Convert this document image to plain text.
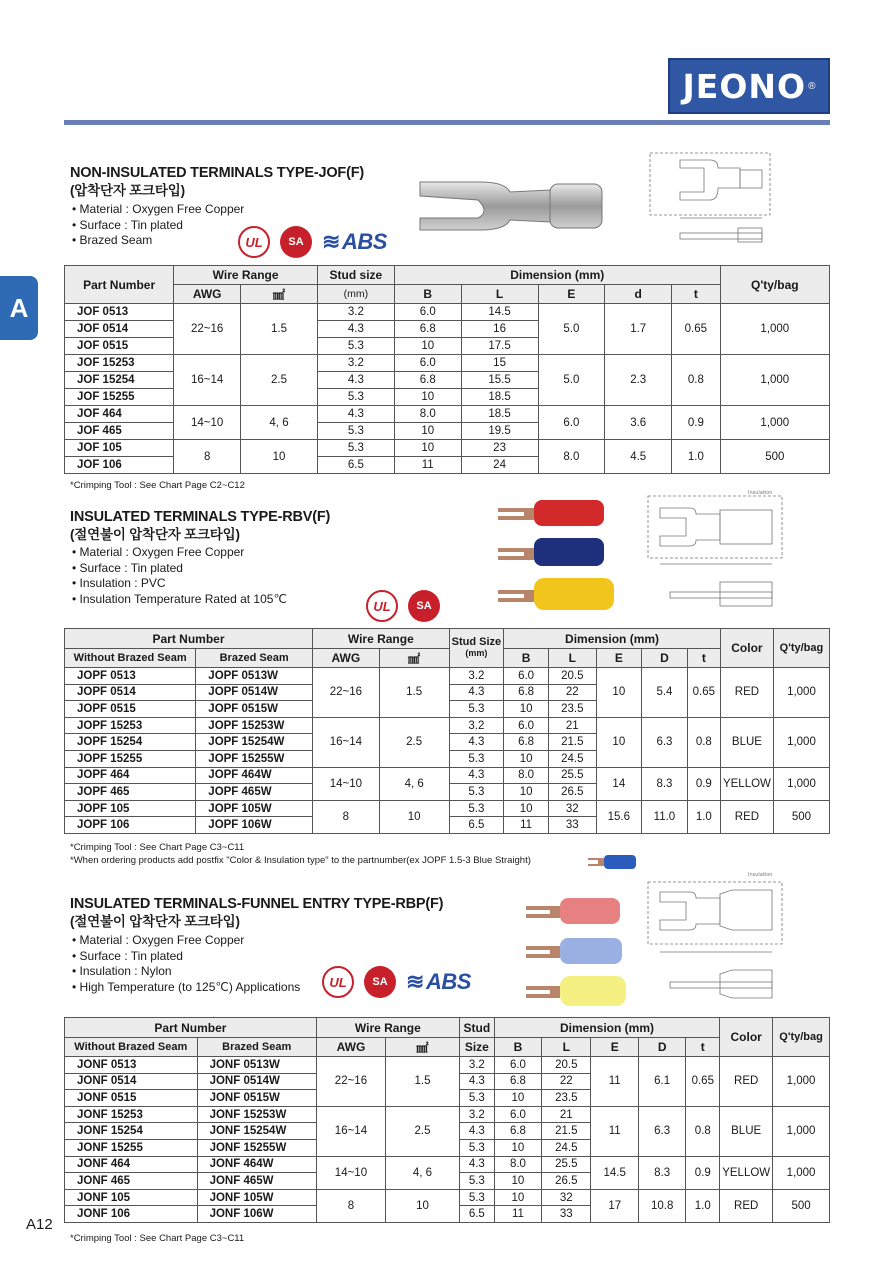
JEONO ®
A
A12
NON-INSULATED TERMINALS TYPE-JOF(F)
(압착단자 포크타입)
• Material : Oxygen Free Copper
• Surface : Tin plated
• Brazed Seam	UL	SA	≋ ABS
Part Number	Wire Range		Stud size	Dimension (mm)					Q'ty/bag
	AWG	㎟	(mm)	B	L	E	d	t	
JOF 0513	22~16	1.5	3.2	6.0	14.5	5.0	1.7	0.65	1,000
JOF 0514			4.3	6.8	16				
JOF 0515			5.3	10	17.5				
JOF 15253	16~14	2.5	3.2	6.0	15	5.0	2.3	0.8	1,000
JOF 15254			4.3	6.8	15.5				
JOF 15255			5.3	10	18.5				
JOF 464	14~10	4, 6	4.3	8.0	18.5	6.0	3.6	0.9	1,000
JOF 465			5.3	10	19.5				
JOF 105	8	10	5.3	10	23	8.0	4.5	1.0	500
JOF 106			6.5	11	24				
*Crimping Tool : See Chart Page C2~C12
INSULATED TERMINALS TYPE-RBV(F)
(절연불이 압착단자 포크타입)
• Material : Oxygen Free Copper
• Surface : Tin plated
• Insulation : PVC
• Insulation Temperature Rated at 105℃	UL	SA
Insulation
Part Number		Wire Range		Stud Size
(mm)	Dimension (mm)					Color	Q'ty/bag
Without Brazed Seam	Brazed Seam	AWG	㎟		B	L	E	D	t		
JOPF 0513	JOPF 0513W	22~16	1.5	3.2	6.0	20.5	10	5.4	0.65	RED	1,000
JOPF 0514	JOPF 0514W			4.3	6.8	22					
JOPF 0515	JOPF 0515W			5.3	10	23.5					
JOPF 15253	JOPF 15253W	16~14	2.5	3.2	6.0	21	10	6.3	0.8	BLUE	1,000
JOPF 15254	JOPF 15254W			4.3	6.8	21.5					
JOPF 15255	JOPF 15255W			5.3	10	24.5					
JOPF 464	JOPF 464W	14~10	4, 6	4.3	8.0	25.5	14	8.3	0.9	YELLOW	1,000
JOPF 465	JOPF 465W			5.3	10	26.5					
JOPF 105	JOPF 105W	8	10	5.3	10	32	15.6	11.0	1.0	RED	500
JOPF 106	JOPF 106W			6.5	11	33					
*Crimping Tool : See Chart Page C3~C11
*When ordering products add postfix "Color & Insulation type" to the partnumber(ex JOPF 1.5-3 Blue Straight)
INSULATED TERMINALS-FUNNEL ENTRY TYPE-RBP(F)
(절연불이 압착단자 포크타입)
• Material : Oxygen Free Copper
• Surface : Tin plated
• Insulation : Nylon
• High Temperature (to 125℃) Applications	UL	SA	≋ ABS
Insulation
Part Number		Wire Range		Stud	Dimension (mm)					Color	Q'ty/bag
Without Brazed Seam	Brazed Seam	AWG	㎟	Size	B	L	E	D	t		
JONF 0513	JONF 0513W	22~16	1.5	3.2	6.0	20.5	11	6.1	0.65	RED	1,000
JONF 0514	JONF 0514W			4.3	6.8	22					
JONF 0515	JONF 0515W			5.3	10	23.5					
JONF 15253	JONF 15253W	16~14	2.5	3.2	6.0	21	11	6.3	0.8	BLUE	1,000
JONF 15254	JONF 15254W			4.3	6.8	21.5					
JONF 15255	JONF 15255W			5.3	10	24.5					
JONF 464	JONF 464W	14~10	4, 6	4.3	8.0	25.5	14.5	8.3	0.9	YELLOW	1,000
JONF 465	JONF 465W			5.3	10	26.5					
JONF 105	JONF 105W	8	10	5.3	10	32	17	10.8	1.0	RED	500
JONF 106	JONF 106W			6.5	11	33					
*Crimping Tool : See Chart Page C3~C11
